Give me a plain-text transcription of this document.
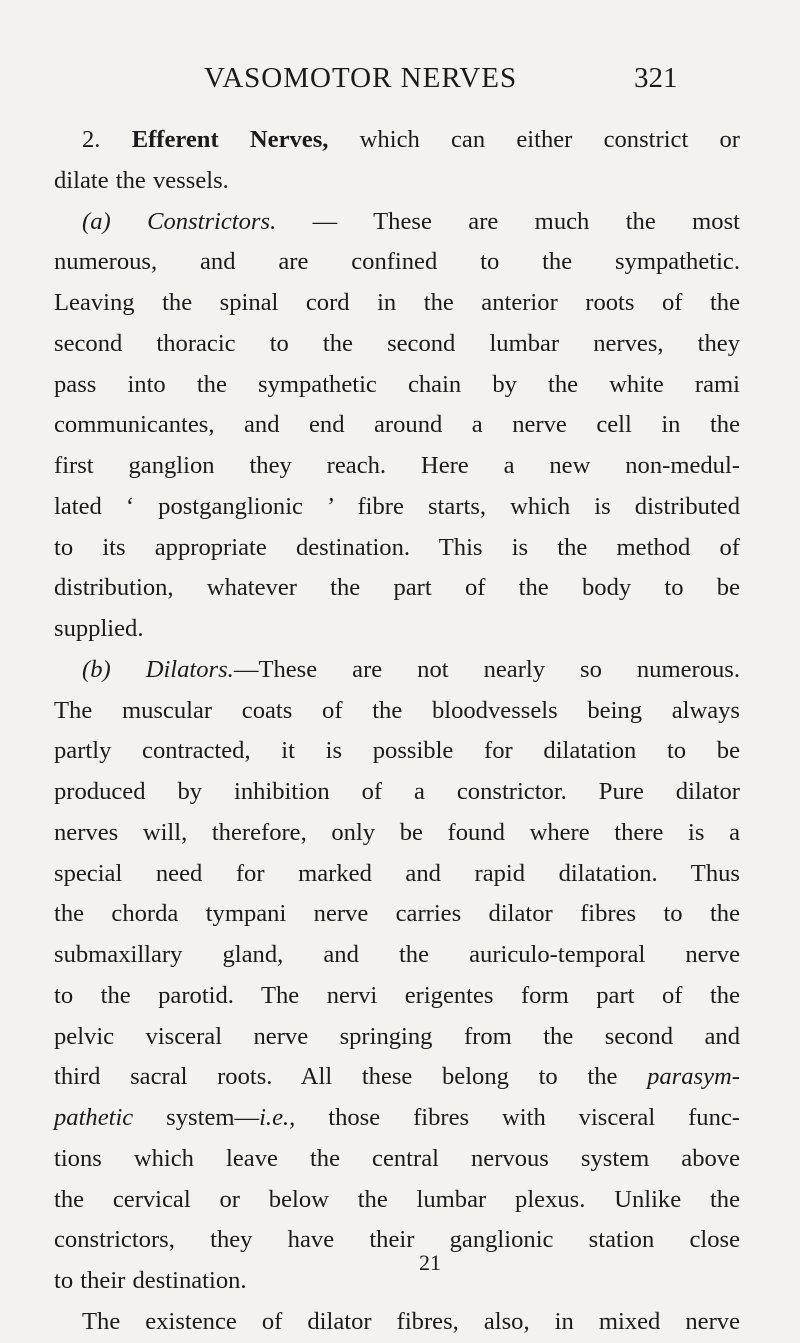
VASOMOTOR NERVES	321
2. Efferent Nerves, which can either constrict or
dilate the vessels.
(a) Constrictors. — These are much the most
numerous, and are confined to the sympathetic.
Leaving the spinal cord in the anterior roots of the
second thoracic to the second lumbar nerves, they
pass into the sympathetic chain by the white rami
communicantes, and end around a nerve cell in the
first ganglion they reach. Here a new non-medul-
lated ‘ postganglionic ’ fibre starts, which is distributed
to its appropriate destination. This is the method of
distribution, whatever the part of the body to be
supplied.
(b) Dilators.—These are not nearly so numerous.
The muscular coats of the bloodvessels being always
partly contracted, it is possible for dilatation to be
produced by inhibition of a constrictor. Pure dilator
nerves will, therefore, only be found where there is a
special need for marked and rapid dilatation. Thus
the chorda tympani nerve carries dilator fibres to the
submaxillary gland, and the auriculo-temporal nerve
to the parotid. The nervi erigentes form part of the
pelvic visceral nerve springing from the second and
third sacral roots. All these belong to the parasym-
pathetic system—i.e., those fibres with visceral func-
tions which leave the central nervous system above
the cervical or below the lumbar plexus. Unlike the
constrictors, they have their ganglionic station close
to their destination.
The existence of dilator fibres, also, in mixed nerve
21
